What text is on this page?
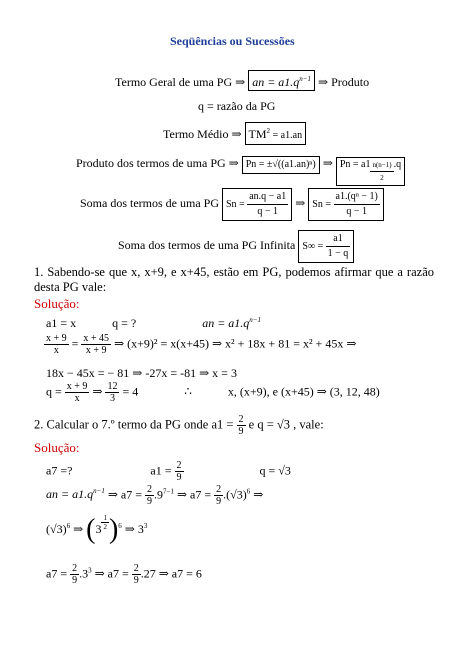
Seqüências ou Sucessões
Termo Geral de uma PG ⇒ an = $a1.q^{n-1}$ ⇒ Produto
q = razão da PG
Termo Médio ⇒ $TM^2 = a1.an$
Produto dos termos de uma PG ⇒ Pn = ±√((a1.an)ⁿ) ⇒ $Pn = a1 \frac{n(n-1)}{2} .q$
Soma dos termos de uma PG $Sn = \frac{an.q - a1}{q - 1}$ ⇒ $Sn = \frac{\text{a1.(qⁿ − 1)}}{q - 1}$
Soma dos termos de uma PG Infinita $S\infty = \frac{a1}{1 - q}$
1. Sabendo-se que x, x+9, e x+45, estão em PG, podemos afirmar que a razão desta PG vale:
Solução:
a1 = x	q = ?	an = $a1.q^{n-1}$
$\frac{x + 9}{x} = \frac{x + 45}{x + 9}$ ⇒ (x+9)² = x(x+45) ⇒ x² + 18x + 81 = x² + 45x ⇒
18x − 45x = − 81 ⇒ -27x = -81 ⇒ x = 3
$q = \frac{x + 9}{x}$ ⇒ $\frac{12}{3} = 4$	∴	x, (x+9), e (x+45) ⇒ (3, 12, 48)
2. Calcular o 7.º termo da PG onde $a1 = \frac{2}{9}$ e q = √3 , vale:
Solução:
a7 =?	$a1 = \frac{2}{9}$	q = √3
an = $a1.q^{n-1}$ ⇒ $a7 = \frac{2}{9} .9^{7-1}$ ⇒ $a7 = \frac{2}{9} .(√3)^6$ ⇒
$(√3)^6$ ⇒ $(3 \frac{1}{2} )^6$ ⇒ $3^3$
$a7 = \frac{2}{9} .3^3$ ⇒ $a7 = \frac{2}{9} .27$ ⇒ a7 = 6
